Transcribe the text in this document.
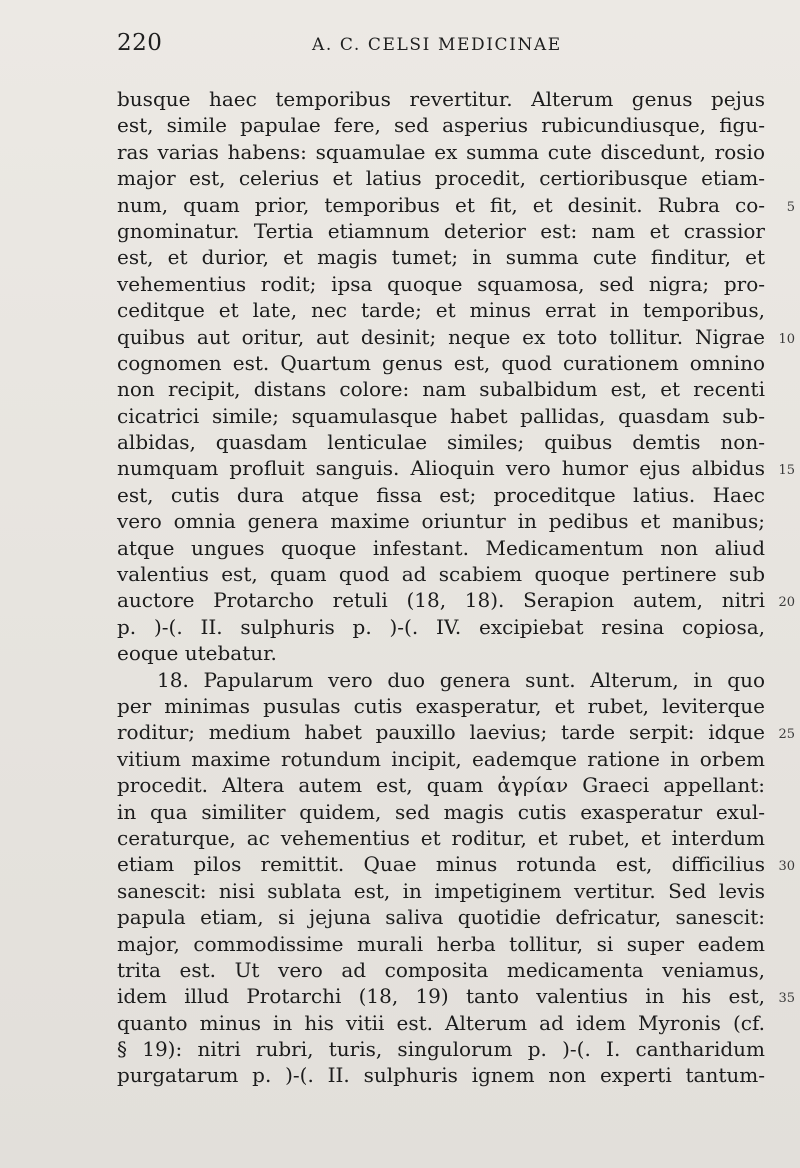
220	A. C. CELSI MEDICINAE
busque haec temporibus revertitur. Alterum genus pejus
est, simile papulae fere, sed asperius rubicundiusque, figu-
ras varias habens: squamulae ex summa cute discedunt, rosio
major est, celerius et latius procedit, certioribusque etiam-
num, quam prior, temporibus et fit, et desinit. Rubra co- 5
gnominatur. Tertia etiamnum deterior est: nam et crassior
est, et durior, et magis tumet; in summa cute finditur, et
vehementius rodit; ipsa quoque squamosa, sed nigra; pro-
ceditque et late, nec tarde; et minus errat in temporibus,
quibus aut oritur, aut desinit; neque ex toto tollitur. Nigrae 10
cognomen est. Quartum genus est, quod curationem omnino
non recipit, distans colore: nam subalbidum est, et recenti
cicatrici simile; squamulasque habet pallidas, quasdam sub-
albidas, quasdam lenticulae similes; quibus demtis non-
numquam profluit sanguis. Alioquin vero humor ejus albidus 15
est, cutis dura atque fissa est; proceditque latius. Haec
vero omnia genera maxime oriuntur in pedibus et manibus;
atque ungues quoque infestant. Medicamentum non aliud
valentius est, quam quod ad scabiem quoque pertinere sub
auctore Protarcho retuli (18, 18). Serapion autem, nitri 20
p. )-(. II. sulphuris p. )-(. IV. excipiebat resina copiosa,
eoque utebatur.
18. Papularum vero duo genera sunt. Alterum, in quo
per minimas pusulas cutis exasperatur, et rubet, leviterque
roditur; medium habet pauxillo laevius; tarde serpit: idque 25
vitium maxime rotundum incipit, eademque ratione in orbem
procedit. Altera autem est, quam ἀγρίαν Graeci appellant:
in qua similiter quidem, sed magis cutis exasperatur exul-
ceraturque, ac vehementius et roditur, et rubet, et interdum
etiam pilos remittit. Quae minus rotunda est, difficilius 30
sanescit: nisi sublata est, in impetiginem vertitur. Sed levis
papula etiam, si jejuna saliva quotidie defricatur, sanescit:
major, commodissime murali herba tollitur, si super eadem
trita est. Ut vero ad composita medicamenta veniamus,
idem illud Protarchi (18, 19) tanto valentius in his est, 35
quanto minus in his vitii est. Alterum ad idem Myronis (cf.
§ 19): nitri rubri, turis, singulorum p. )-(. I. cantharidum
purgatarum p. )-(. II. sulphuris ignem non experti tantum-
